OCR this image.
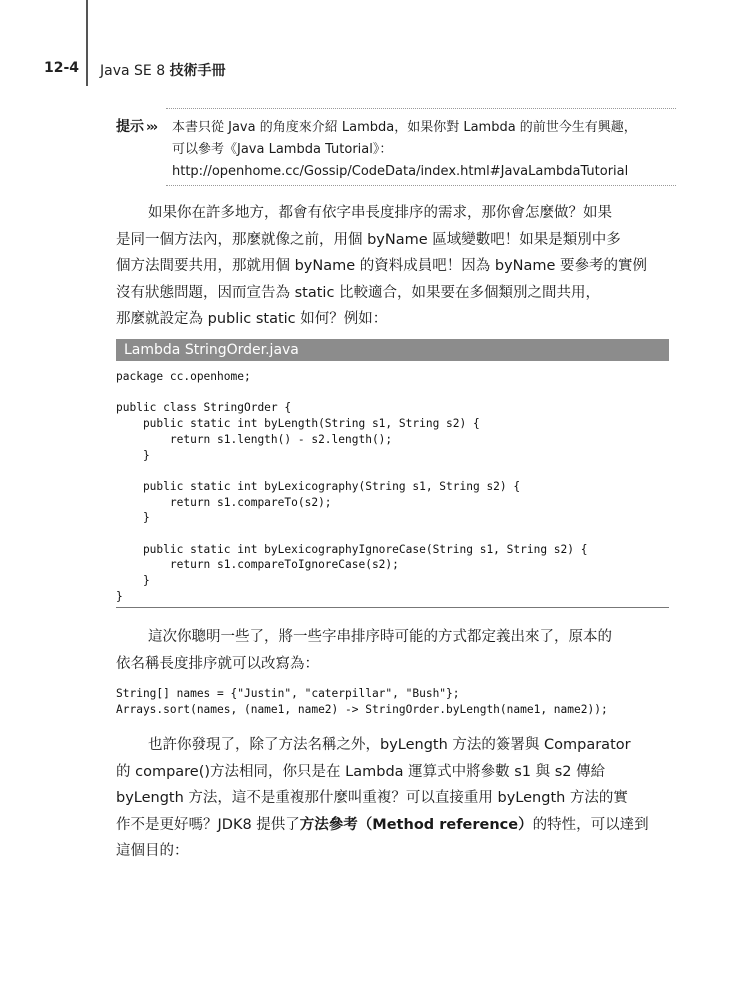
12-4 Java SE 8 技術手冊
提示 ››› 本書只從 Java 的角度來介紹 Lambda，如果你對 Lambda 的前世今生有興趣，
可以參考《Java Lambda Tutorial》：
http://openhome.cc/Gossip/CodeData/index.html#JavaLambdaTutorial
如果你在許多地方，都會有依字串長度排序的需求，那你會怎麼做？如果
是同一個方法內，那麼就像之前，用個 byName 區域變數吧！如果是類別中多
個方法間要共用，那就用個 byName 的資料成員吧！因為 byName 要參考的實例
沒有狀態問題，因而宣告為 static 比較適合，如果要在多個類別之間共用，
那麼就設定為 public static 如何？例如：
Lambda StringOrder.java
package cc.openhome;

public class StringOrder {
public static int byLength(String s1, String s2) {
return s1.length() - s2.length();
}

public static int byLexicography(String s1, String s2) {
return s1.compareTo(s2);
}

public static int byLexicographyIgnoreCase(String s1, String s2) {
return s1.compareToIgnoreCase(s2);
}
}
這次你聰明一些了，將一些字串排序時可能的方式都定義出來了，原本的
依名稱長度排序就可以改寫為：
String[] names = {"Justin", "caterpillar", "Bush"};
Arrays.sort(names, (name1, name2) -> StringOrder.byLength(name1, name2));
也許你發現了，除了方法名稱之外，byLength 方法的簽署與 Comparator
的 compare()方法相同，你只是在 Lambda 運算式中將參數 s1 與 s2 傳給
byLength 方法，這不是重複那什麼叫重複？可以直接重用 byLength 方法的實
作不是更好嗎？JDK8 提供了方法參考（Method reference）的特性，可以達到
這個目的：
